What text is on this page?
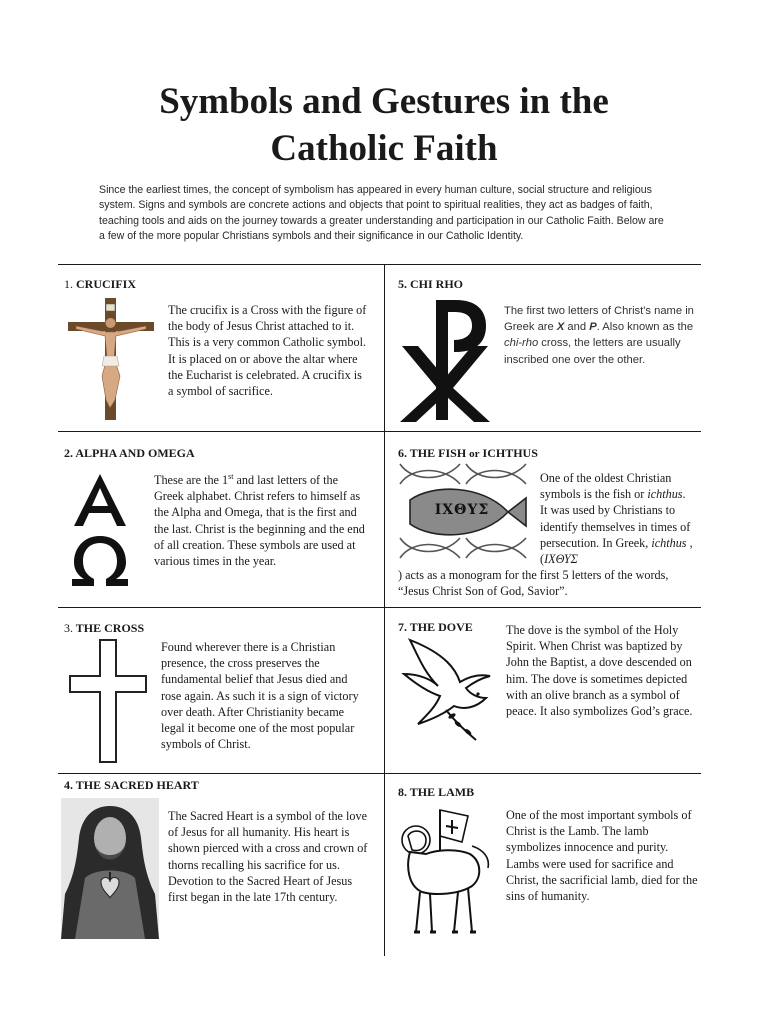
Symbols and Gestures in the
Catholic Faith
Since the earliest times, the concept of symbolism has appeared in every human culture, social structure and religious system. Signs and symbols are concrete actions and objects that point to spiritual realities, they act as badges of faith, teaching tools and aids on the journey towards a greater understanding and participation in our Catholic Faith. Below are a few of the more popular Christians symbols and their significance in our Catholic Identity.
1. CRUCIFIX
The crucifix is a Cross with the figure of the body of Jesus Christ attached to it. This is a very common Catholic symbol. It is placed on or above the altar where the Eucharist is celebrated. A crucifix is a symbol of sacrifice.
2. ALPHA AND OMEGA
These are the 1st and last letters of the Greek alphabet. Christ refers to himself as the Alpha and Omega, that is the first and the last. Christ is the beginning and the end of all creation. These symbols are used at various times in the year.
3. THE CROSS
Found wherever there is a Christian presence, the cross preserves the fundamental belief that Jesus died and rose again. As such it is a sign of victory over death. After Christianity became legal it become one of the most popular symbols of Christ.
4. THE SACRED HEART
The Sacred Heart is a symbol of the love of Jesus for all humanity. His heart is shown pierced with a cross and crown of thorns recalling his sacrifice for us. Devotion to the Sacred Heart of Jesus first began in the late 17th century.
5. CHI RHO
The first two letters of Christ's name in Greek are X and P. Also known as the chi-rho cross, the letters are usually inscribed one over the other.
6. THE FISH or ICHTHUS
ΙΧΘΥΣ
One of the oldest Christian symbols is the fish or ichthus. It was used by Christians to identify themselves in times of persecution. In Greek, ichthus , (ΙΧΘΥΣ
) acts as a monogram for the first 5 letters of the words, “Jesus Christ Son of God, Savior”.
7. THE DOVE	The dove is the symbol of the Holy Spirit. When Christ was baptized by John the Baptist, a dove descended on him. The dove is sometimes depicted with an olive branch as a symbol of peace. It also symbolizes God’s grace.
8. THE LAMB
One of the most important symbols of Christ is the Lamb. The lamb symbolizes innocence and purity. Lambs were used for sacrifice and Christ, the sacrificial lamb, died for the sins of humanity.
